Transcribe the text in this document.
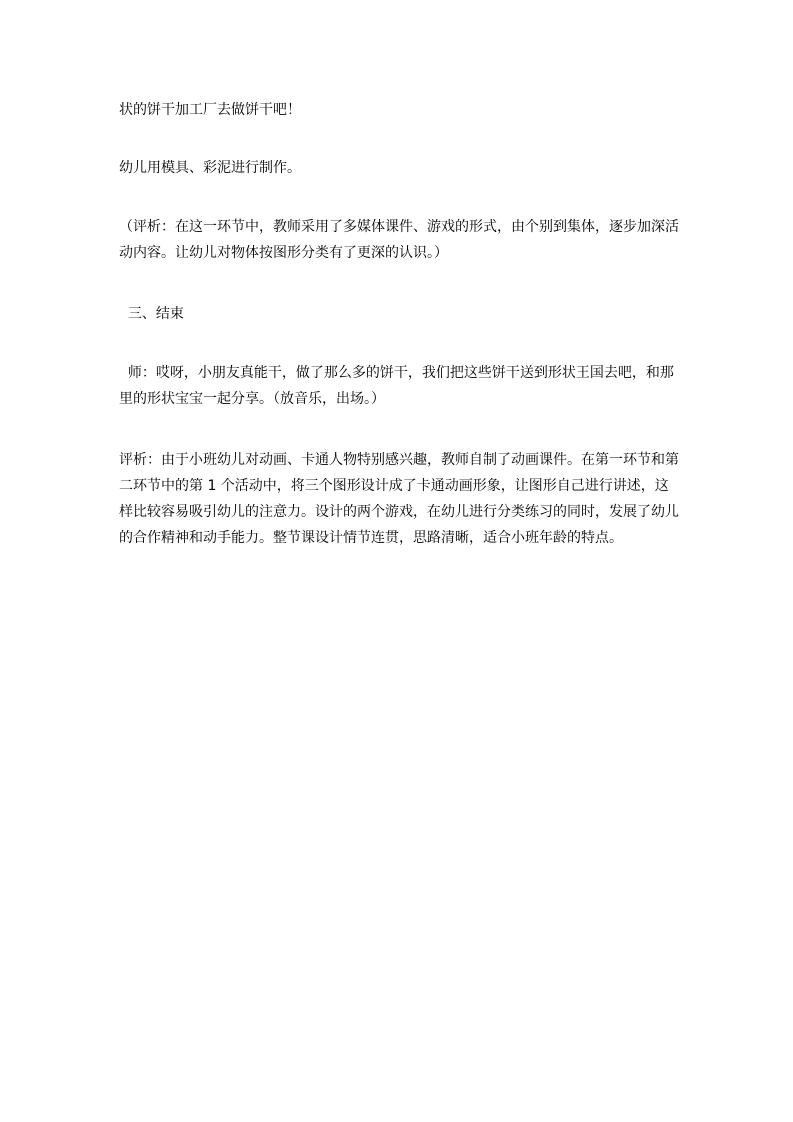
状的饼干加工厂去做饼干吧！

幼儿用模具、彩泥进行制作。

（评析：在这一环节中，教师采用了多媒体课件、游戏的形式，由个别到集体，逐步加深活动内容。让幼儿对物体按图形分类有了更深的认识。）

三、结束

师：哎呀，小朋友真能干，做了那么多的饼干，我们把这些饼干送到形状王国去吧，和那里的形状宝宝一起分享。（放音乐，出场。）

评析：由于小班幼儿对动画、卡通人物特别感兴趣，教师自制了动画课件。在第一环节和第二环节中的第 1 个活动中，将三个图形设计成了卡通动画形象，让图形自己进行讲述，这样比较容易吸引幼儿的注意力。设计的两个游戏，在幼儿进行分类练习的同时，发展了幼儿的合作精神和动手能力。整节课设计情节连贯，思路清晰，适合小班年龄的特点。
